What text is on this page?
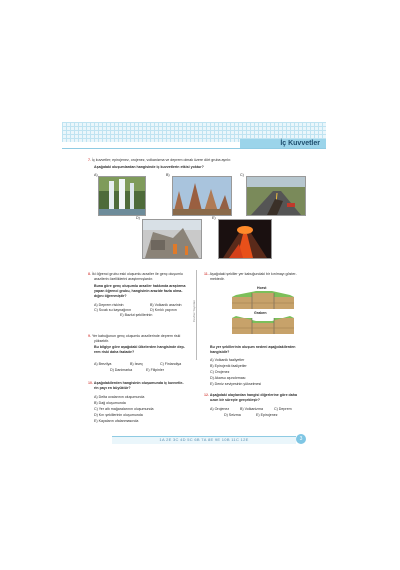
İç Kuvvetler
7. İç kuvvetler; epirojenez, orojenez, volkanizma ve deprem olmak üzere dört gruba ayrılır.
Aşağıdaki oluşumlardan hangisinde iç kuvvetlerin etkisi yoktur?
A)	B)	C)
D)	E)
8. İki öğrenci grubu eski oluşumlu araziler ile genç oluşumlu
arazilerin özelliklerini araştırmışlardır.
Buna göre genç oluşumlu araziler hakkında araştırma
yapan öğrenci grubu, hangisinin arazide fazla olma-
dığını öğrenmiştir?
A) Deprem riskinin	B) Volkanik arazinin
C) Sıcak su kaynağının	D) Kırıklı yapının
E) Bazlut şekillerinin
9. Yer kabuğunun genç oluşumlu arazilerinde deprem riski
yüksektir.
Bu bilgiye göre aşağıdaki ülkelerden hangisinde dep-
rem riski daha fazladır?
A) Brezilya	B) İsveç	C) Finlandiya
D) Danimarka	E) Filipinler
10. Aşağıdakilerden hangisinin oluşumunda iç kuvvetle-
rin payı en büyüktür?
A) Delta ovalarının oluşumunda
B) Dağ oluşumunda
C) Yer altı mağaralarının oluşumunda
D) Kırı şekillerinin oluşumunda
E) Kayaların ufalanmasında
Cevher Yayınları
11. Aşağıdaki şekiller yer kabuğundaki bir kırılmayı göster-
mektedir.
Horst
Graben
Bu yer şekillerinin oluşum nedeni aşağıdakilerden
hangisidir?
A) Volkanik faaliyetler
B) Epirojenik faaliyetler
C) Orojenez
D) Akarsu aşındırması
E) Deniz seviyesinin yükselmesi
12. Aşağıdaki olaylardan hangisi diğerlerine göre daha
uzun bir süreçte gerçekleşir?
A) Orojenez	B) Volkanizma	C) Deprem
D) Seizma	E) Epirojenez
1A 2E 3C 4D 5C 6B 7A 8E 9E 10B 11C 12E	3
